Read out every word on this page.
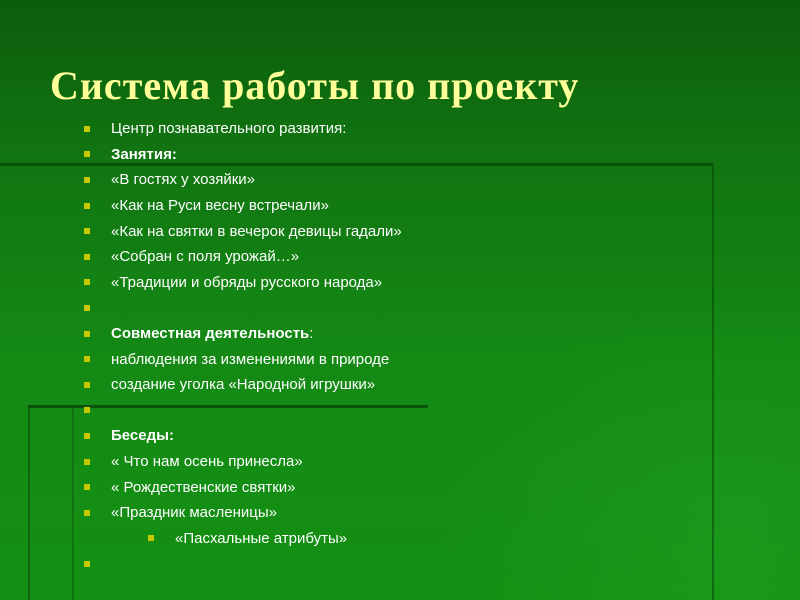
Система работы по проекту
Центр познавательного развития:
Занятия:
«В гостях у хозяйки»
«Как на Руси весну встречали»
«Как на святки в вечерок девицы гадали»
«Собран с поля урожай…»
«Традиции и обряды русского народа»
Совместная деятельность:
наблюдения за изменениями в природе
создание уголка «Народной игрушки»
Беседы:
« Что нам осень принесла»
« Рождественские святки»
«Праздник масленицы»
«Пасхальные атрибуты»
